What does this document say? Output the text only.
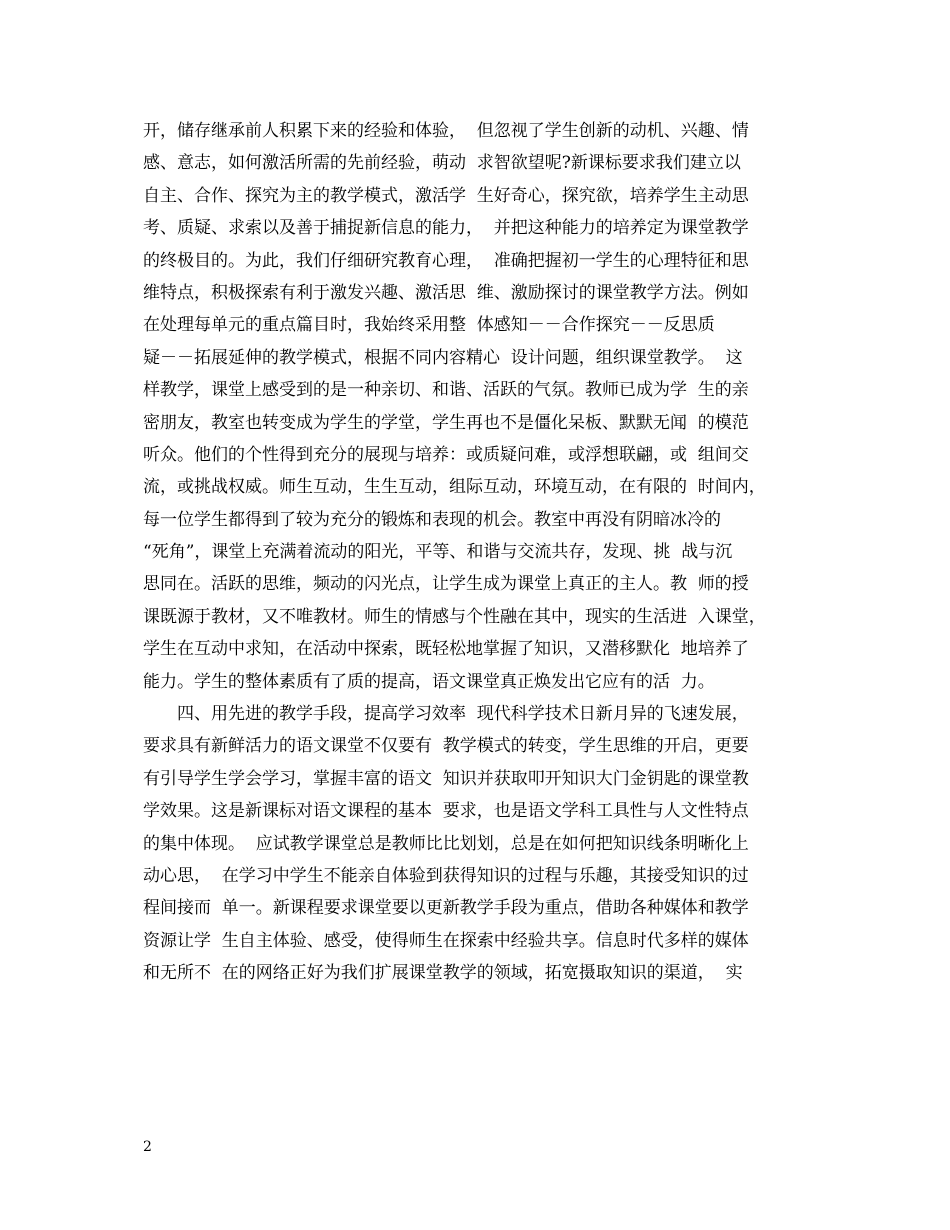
开，储存继承前人积累下来的经验和体验，  但忽视了学生创新的动机、兴趣、情
感、意志，如何激活所需的先前经验，萌动  求智欲望呢?新课标要求我们建立以
自主、合作、探究为主的教学模式，激活学  生好奇心，探究欲，培养学生主动思
考、质疑、求索以及善于捕捉新信息的能力，  并把这种能力的培养定为课堂教学
的终极目的。为此，我们仔细研究教育心理，  准确把握初一学生的心理特征和思
维特点，积极探索有利于激发兴趣、激活思  维、激励探讨的课堂教学方法。例如
在处理每单元的重点篇目时，我始终采用整  体感知－－合作探究－－反思质
疑－－拓展延伸的教学模式，根据不同内容精心  设计问题，组织课堂教学。  这
样教学，课堂上感受到的是一种亲切、和谐、活跃的气氛。教师已成为学  生的亲
密朋友，教室也转变成为学生的学堂，学生再也不是僵化呆板、默默无闻  的模范
听众。他们的个性得到充分的展现与培养：或质疑问难，或浮想联翩，或  组间交
流，或挑战权威。师生互动，生生互动，组际互动，环境互动，在有限的  时间内，
每一位学生都得到了较为充分的锻炼和表现的机会。教室中再没有阴暗冰冷的
“死角”，课堂上充满着流动的阳光，平等、和谐与交流共存，发现、挑  战与沉
思同在。活跃的思维，频动的闪光点，让学生成为课堂上真正的主人。教  师的授
课既源于教材，又不唯教材。师生的情感与个性融在其中，现实的生活进  入课堂，
学生在互动中求知，在活动中探索，既轻松地掌握了知识，又潜移默化  地培养了
能力。学生的整体素质有了质的提高，语文课堂真正焕发出它应有的活  力。
四、用先进的教学手段，提高学习效率  现代科学技术日新月异的飞速发展，
要求具有新鲜活力的语文课堂不仅要有  教学模式的转变，学生思维的开启，更要
有引导学生学会学习，掌握丰富的语文  知识并获取叩开知识大门金钥匙的课堂教
学效果。这是新课标对语文课程的基本  要求，也是语文学科工具性与人文性特点
的集中体现。  应试教学课堂总是教师比比划划，总是在如何把知识线条明晰化上
动心思，  在学习中学生不能亲自体验到获得知识的过程与乐趣，其接受知识的过
程间接而  单一。新课程要求课堂要以更新教学手段为重点，借助各种媒体和教学
资源让学  生自主体验、感受，使得师生在探索中经验共享。信息时代多样的媒体
和无所不  在的网络正好为我们扩展课堂教学的领域，拓宽摄取知识的渠道，  实
2
